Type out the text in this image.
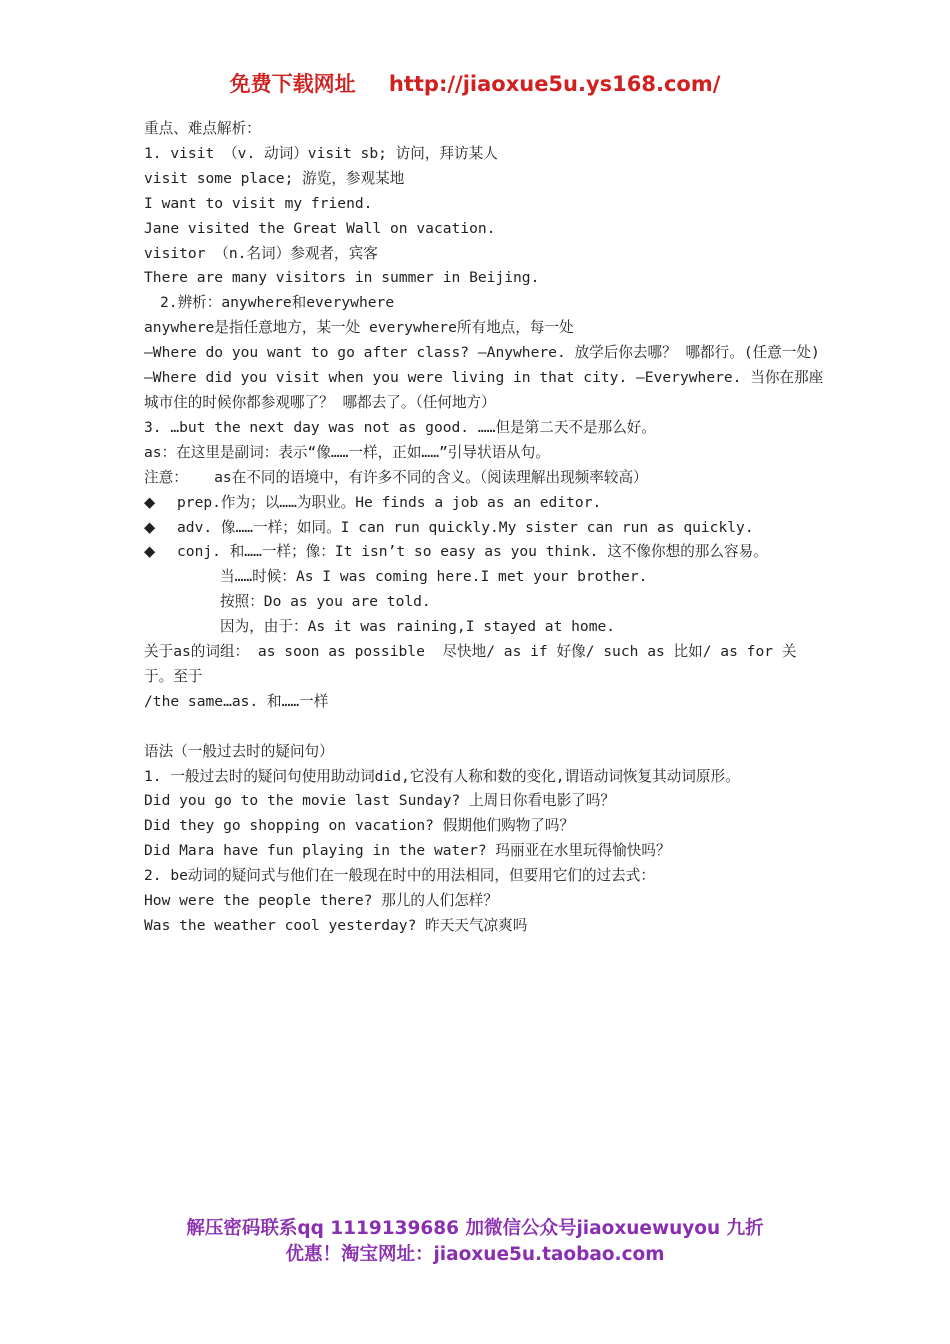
免费下载网址 http://jiaoxue5u.ys168.com/
重点、难点解析：
1. visit （v. 动词）visit sb; 访问，拜访某人
visit some place; 游览，参观某地
I want to visit my friend.
Jane visited the Great Wall on vacation.
visitor （n.名词）参观者，宾客
There are many visitors in summer in Beijing.
2.辨析：anywhere和everywhere
anywhere是指任意地方，某一处 everywhere所有地点，每一处
—Where do you want to go after class? —Anywhere. 放学后你去哪？ 哪都行。(任意一处)
—Where did you visit when you were living in that city. —Everywhere. 当你在那座城市住的时候你都参观哪了？ 哪都去了。（任何地方）
3. …but the next day was not as good. ……但是第二天不是那么好。
as：在这里是副词：表示“像……一样，正如……”引导状语从句。
注意：   as在不同的语境中，有许多不同的含义。（阅读理解出现频率较高）
◆	prep.作为；以……为职业。He finds a job as an editor.
◆	adv. 像……一样；如同。I can run quickly.My sister can run as quickly.
◆	conj. 和……一样；像：It isn’t so easy as you think. 这不像你想的那么容易。
当……时候：As I was coming here.I met your brother.
按照：Do as you are told.
因为，由于：As it was raining,I stayed at home.
关于as的词组： as soon as possible  尽快地/ as if 好像/ such as 比如/ as for 关于。至于
/the same…as. 和……一样
语法（一般过去时的疑问句）
1. 一般过去时的疑问句使用助动词did,它没有人称和数的变化,谓语动词恢复其动词原形。
Did you go to the movie last Sunday? 上周日你看电影了吗？
Did they go shopping on vacation? 假期他们购物了吗？
Did Mara have fun playing in the water? 玛丽亚在水里玩得愉快吗？
2. be动词的疑问式与他们在一般现在时中的用法相同，但要用它们的过去式：
How were the people there? 那儿的人们怎样？
Was the weather cool yesterday? 昨天天气凉爽吗
解压密码联系qq 1119139686 加微信公众号jiaoxuewuyou 九折
优惠！淘宝网址：jiaoxue5u.taobao.com
